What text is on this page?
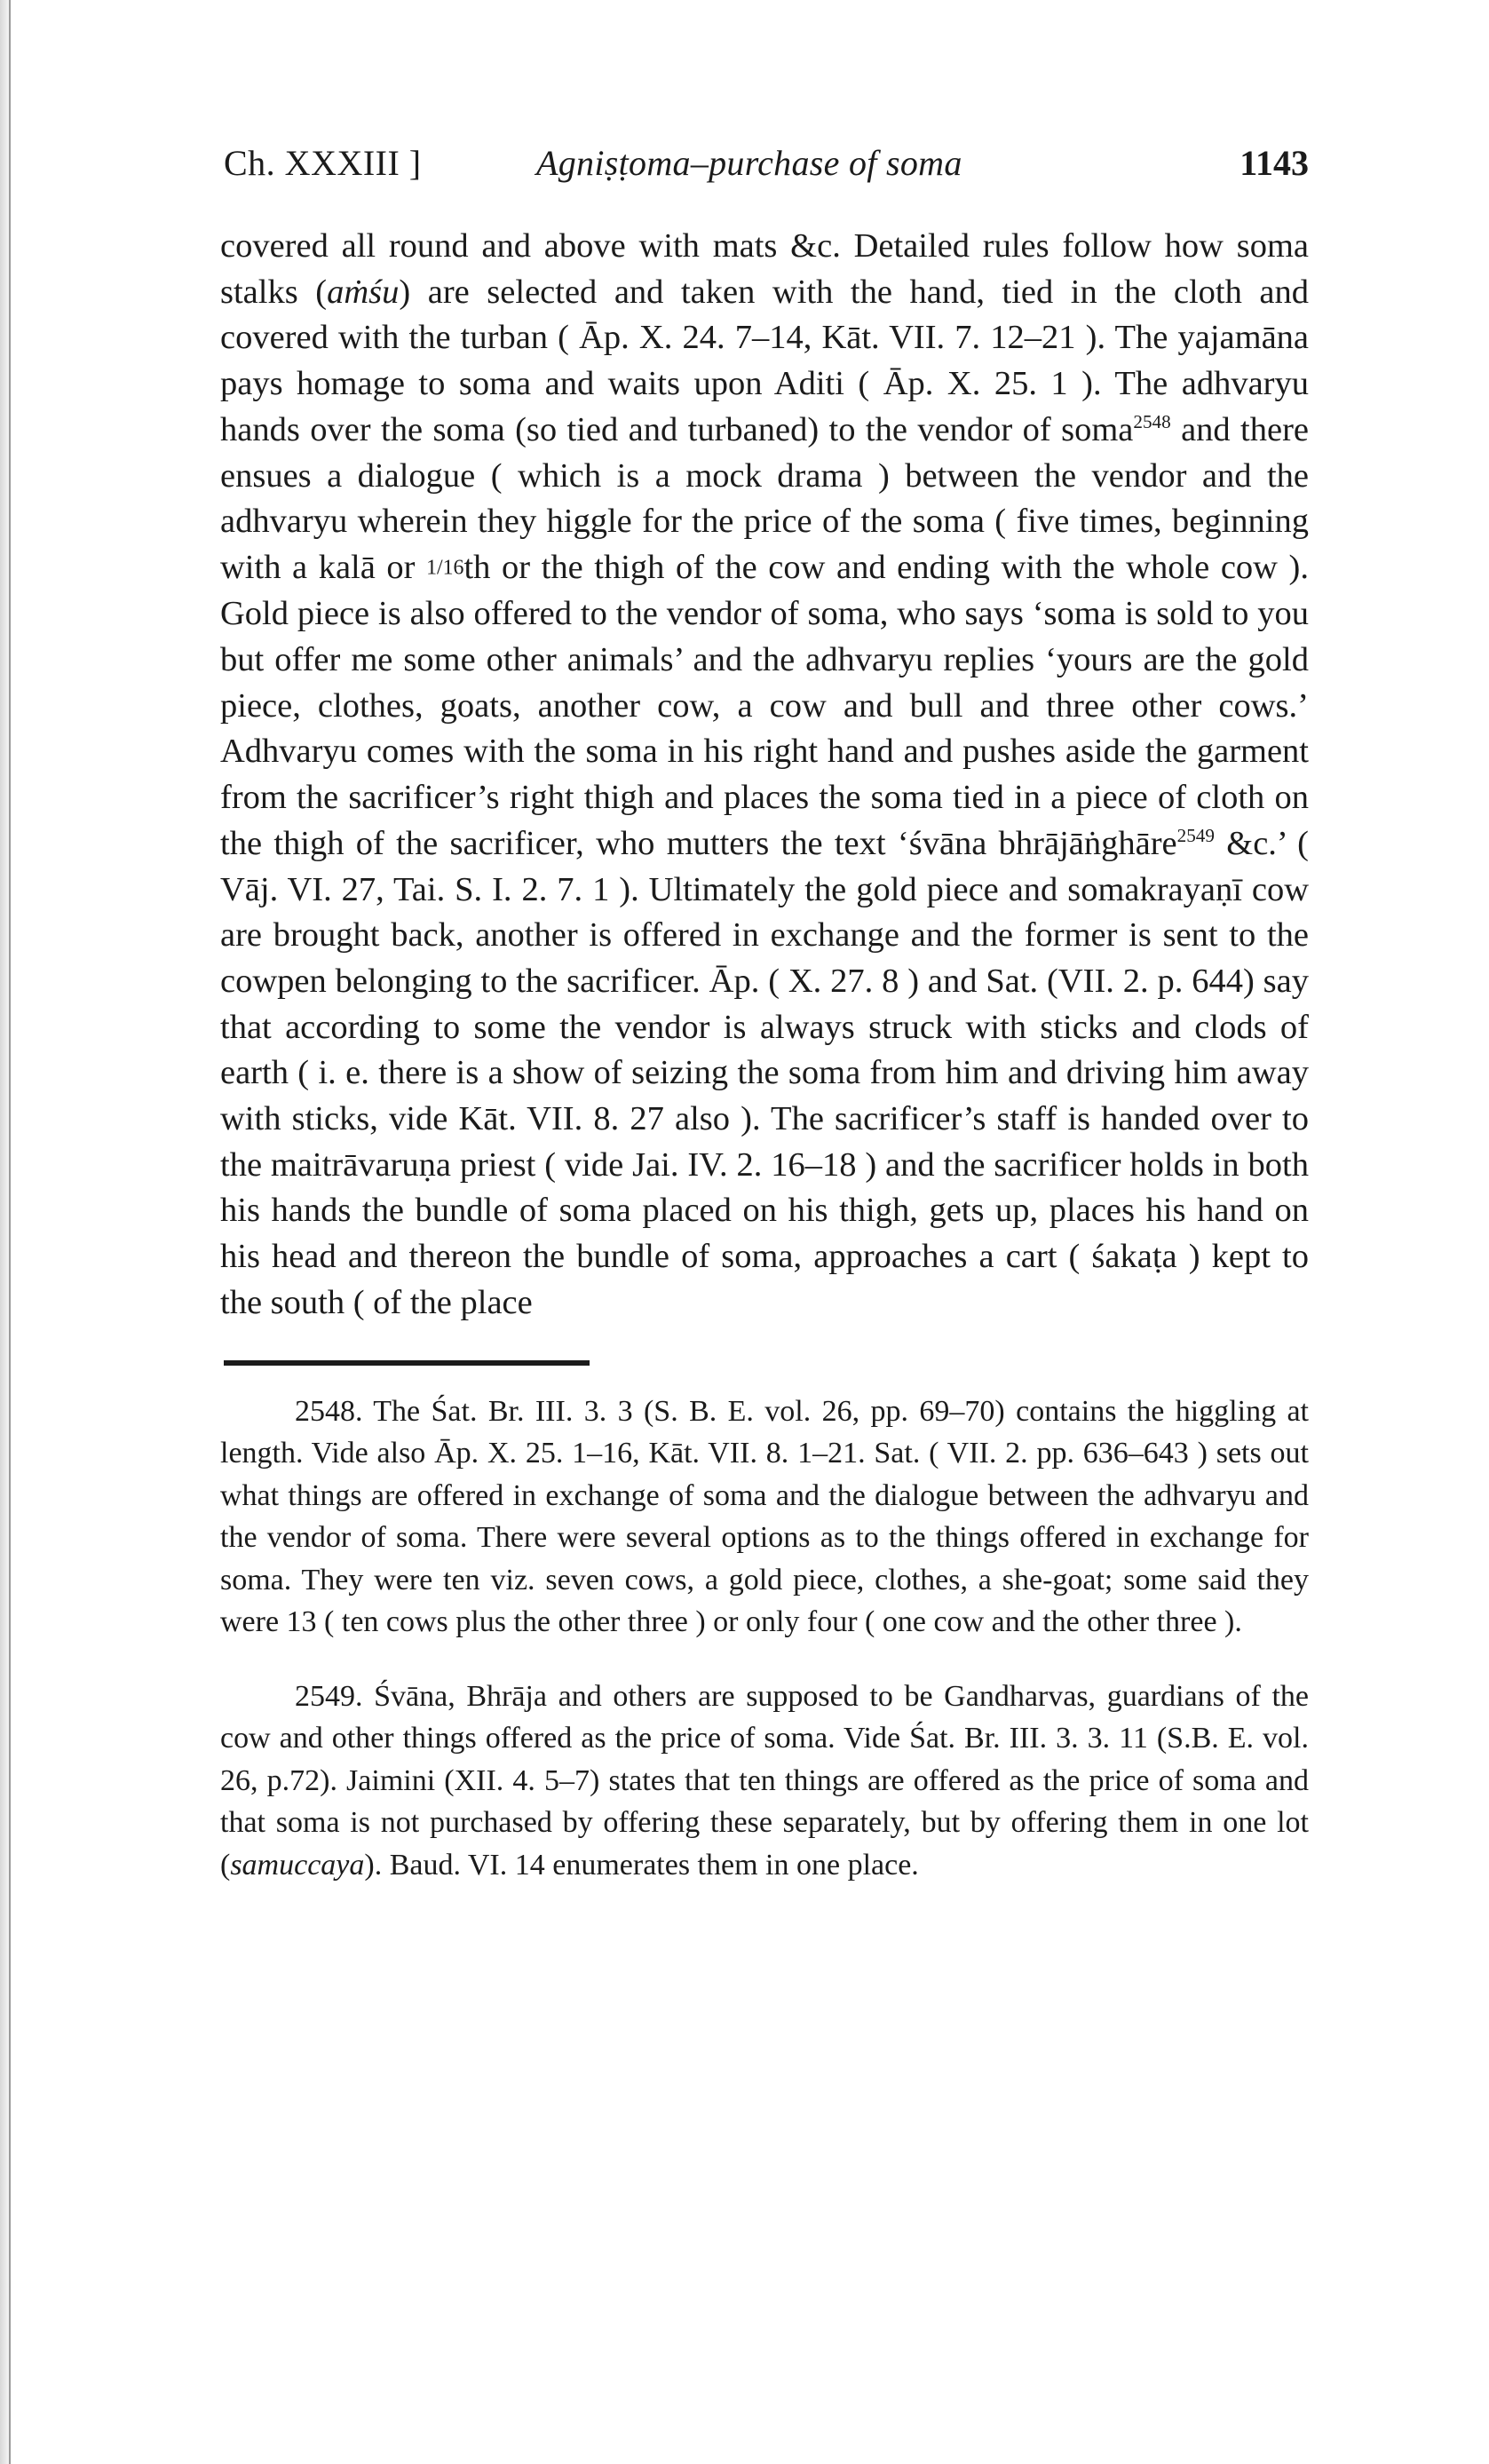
Ch. XXXIII ]	Agniṣṭoma–purchase of soma	1143

covered all round and above with mats &c. Detailed rules follow how soma stalks (aṁśu) are selected and taken with the hand, tied in the cloth and covered with the turban ( Āp. X. 24. 7–14, Kāt. VII. 7. 12–21 ). The yajamāna pays homage to soma and waits upon Aditi ( Āp. X. 25. 1 ). The adhvaryu hands over the soma (so tied and turbaned) to the vendor of soma$^{2548}$ and there ensues a dialogue ( which is a mock drama ) between the vendor and the adhvaryu wherein they higgle for the price of the soma ( five times, beginning with a kalā or 1/16th or the thigh of the cow and ending with the whole cow ). Gold piece is also offered to the vendor of soma, who says ‘soma is sold to you but offer me some other animals’ and the adhvaryu replies ‘yours are the gold piece, clothes, goats, another cow, a cow and bull and three other cows.’ Adhvaryu comes with the soma in his right hand and pushes aside the garment from the sacrificer’s right thigh and places the soma tied in a piece of cloth on the thigh of the sacrificer, who mutters the text ‘śvāna bhrājāṅghāre$^{2549}$ &c.’ ( Vāj. VI. 27, Tai. S. I. 2. 7. 1 ). Ultimately the gold piece and somakrayaṇī cow are brought back, another is offered in exchange and the former is sent to the cowpen belonging to the sacrificer. Āp. ( X. 27. 8 ) and Sat. (VII. 2. p. 644) say that according to some the vendor is always struck with sticks and clods of earth ( i. e. there is a show of seizing the soma from him and driving him away with sticks, vide Kāt. VII. 8. 27 also ). The sacrificer’s staff is handed over to the maitrāvaruṇa priest ( vide Jai. IV. 2. 16–18 ) and the sacrificer holds in both his hands the bundle of soma placed on his thigh, gets up, places his hand on his head and thereon the bundle of soma, approaches a cart ( śakaṭa ) kept to the south ( of the place

2548. The Śat. Br. III. 3. 3 (S. B. E. vol. 26, pp. 69–70) contains the higgling at length. Vide also Āp. X. 25. 1–16, Kāt. VII. 8. 1–21. Sat. ( VII. 2. pp. 636–643 ) sets out what things are offered in exchange of soma and the dialogue between the adhvaryu and the vendor of soma. There were several options as to the things offered in exchange for soma. They were ten viz. seven cows, a gold piece, clothes, a she-goat; some said they were 13 ( ten cows plus the other three ) or only four ( one cow and the other three ).

2549. Śvāna, Bhrāja and others are supposed to be Gandharvas, guardians of the cow and other things offered as the price of soma. Vide Śat. Br. III. 3. 3. 11 (S.B. E. vol. 26, p.72). Jaimini (XII. 4. 5–7) states that ten things are offered as the price of soma and that soma is not purchased by offering these separately, but by offering them in one lot (samuccaya). Baud. VI. 14 enumerates them in one place.
